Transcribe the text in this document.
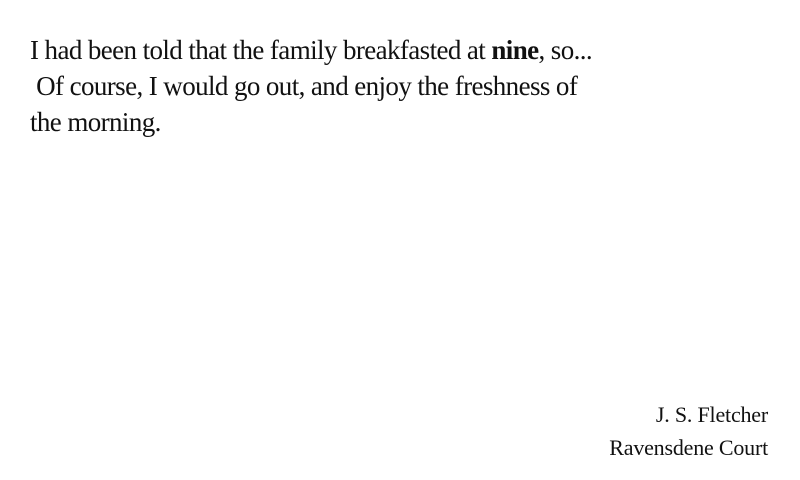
I had been told that the family breakfasted at nine, so...
Of course, I would go out, and enjoy the freshness of
the morning.

J. S. Fletcher
Ravensdene Court
